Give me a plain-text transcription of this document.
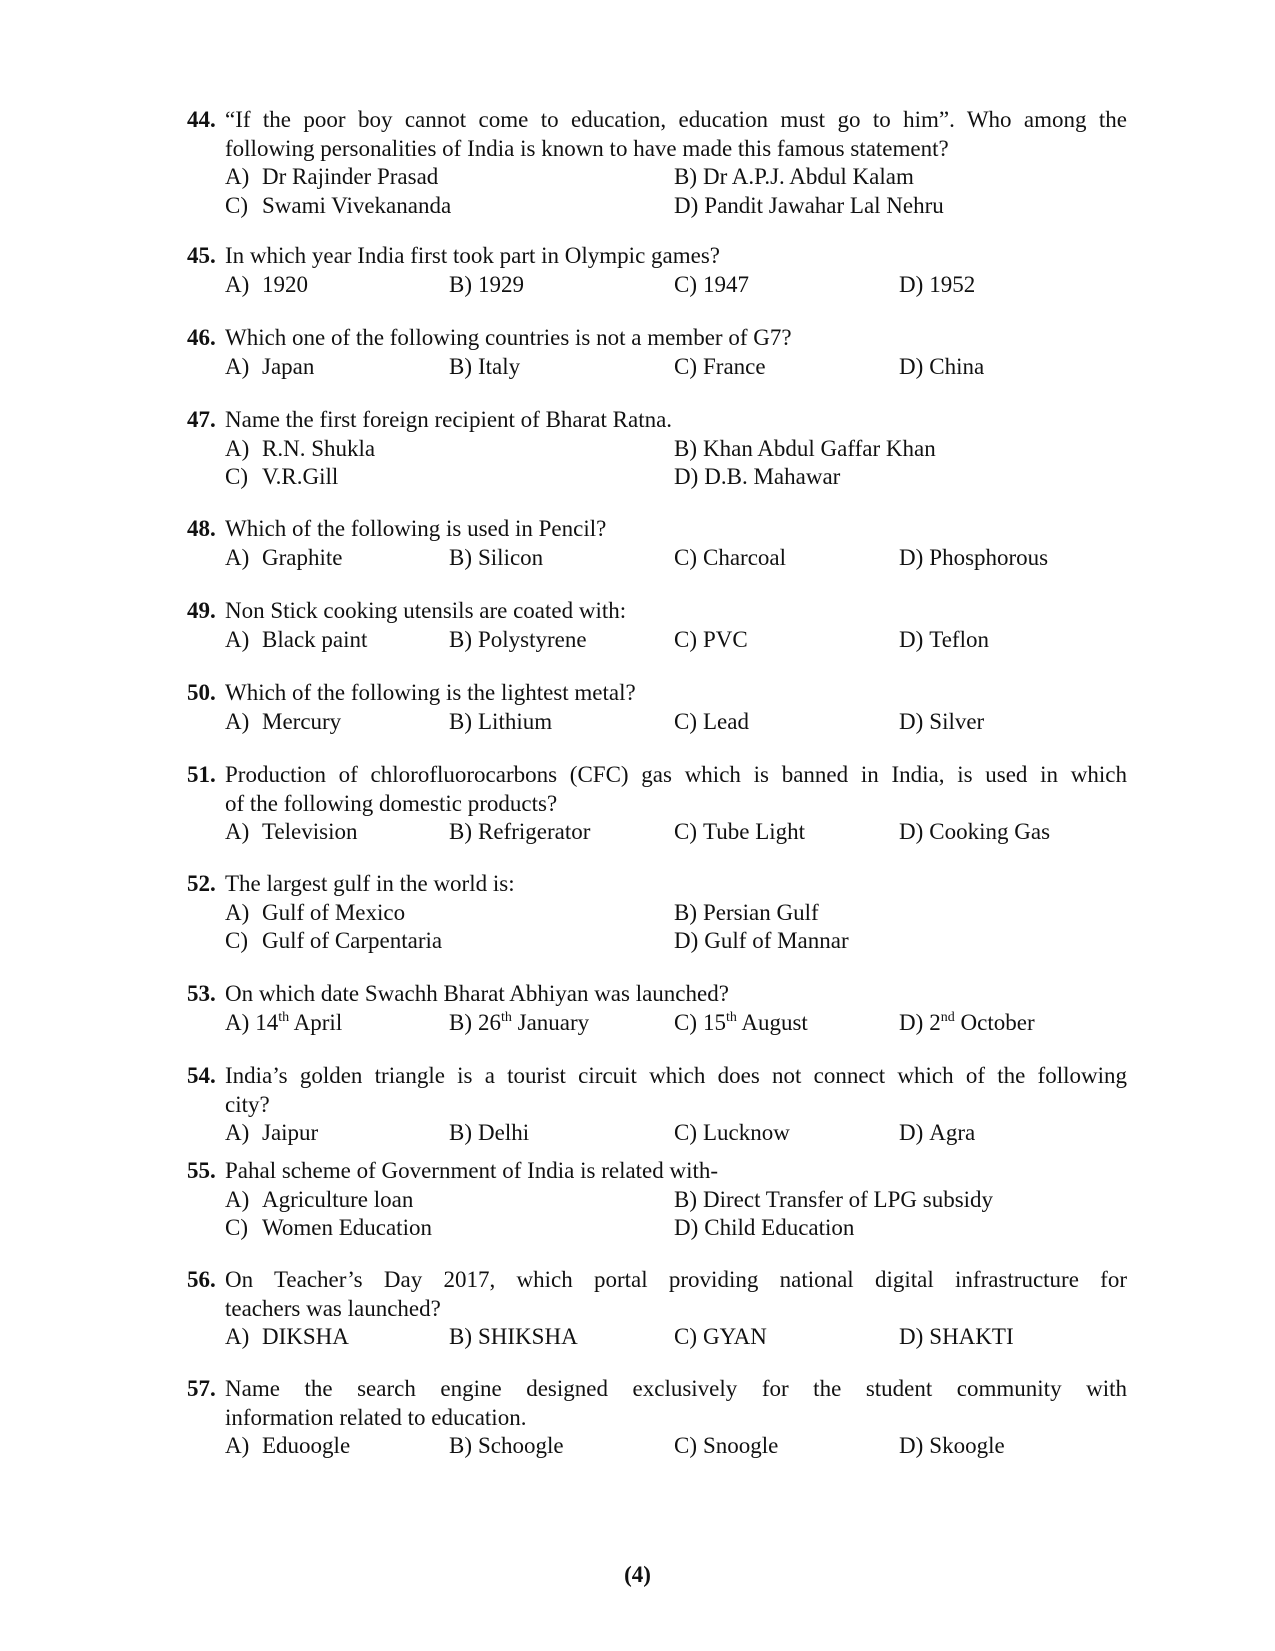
44. “If the poor boy cannot come to education, education must go to him”. Who among the
following personalities of India is known to have made this famous statement?
A) Dr Rajinder Prasad	B) Dr A.P.J. Abdul Kalam
C) Swami Vivekananda	D) Pandit Jawahar Lal Nehru
45. In which year India first took part in Olympic games?
A) 1920	B) 1929	C) 1947	D) 1952
46. Which one of the following countries is not a member of G7?
A) Japan	B) Italy	C) France	D) China
47. Name the first foreign recipient of Bharat Ratna.
A) R.N. Shukla	B) Khan Abdul Gaffar Khan
C) V.R.Gill	D) D.B. Mahawar
48. Which of the following is used in Pencil?
A) Graphite	B) Silicon	C) Charcoal	D) Phosphorous
49. Non Stick cooking utensils are coated with:
A) Black paint	B) Polystyrene	C) PVC	D) Teflon
50. Which of the following is the lightest metal?
A) Mercury	B) Lithium	C) Lead	D) Silver
51. Production of chlorofluorocarbons (CFC) gas which is banned in India, is used in which
of the following domestic products?
A) Television	B) Refrigerator	C) Tube Light	D) Cooking Gas
52. The largest gulf in the world is:
A) Gulf of Mexico	B) Persian Gulf
C) Gulf of Carpentaria	D) Gulf of Mannar
53. On which date Swachh Bharat Abhiyan was launched?
A) 14th April	B) 26th January	C) 15th August	D) 2nd October
54. India’s golden triangle is a tourist circuit which does not connect which of the following
city?
A) Jaipur	B) Delhi	C) Lucknow	D) Agra
55. Pahal scheme of Government of India is related with-
A) Agriculture loan	B) Direct Transfer of LPG subsidy
C) Women Education	D) Child Education
56. On Teacher’s Day 2017, which portal providing national digital infrastructure for
teachers was launched?
A) DIKSHA	B) SHIKSHA	C) GYAN	D) SHAKTI
57. Name the search engine designed exclusively for the student community with
information related to education.
A) Eduoogle	B) Schoogle	C) Snoogle	D) Skoogle
(4)
